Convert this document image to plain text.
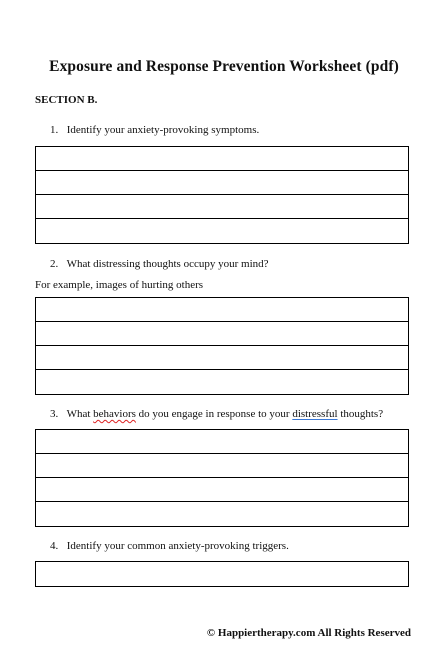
Exposure and Response Prevention Worksheet (pdf)
SECTION B.
1. Identify your anxiety-provoking symptoms.
2. What distressing thoughts occupy your mind?
For example, images of hurting others
3. What behaviors do you engage in response to your distressful thoughts?
4. Identify your common anxiety-provoking triggers.
© Happiertherapy.com All Rights Reserved
